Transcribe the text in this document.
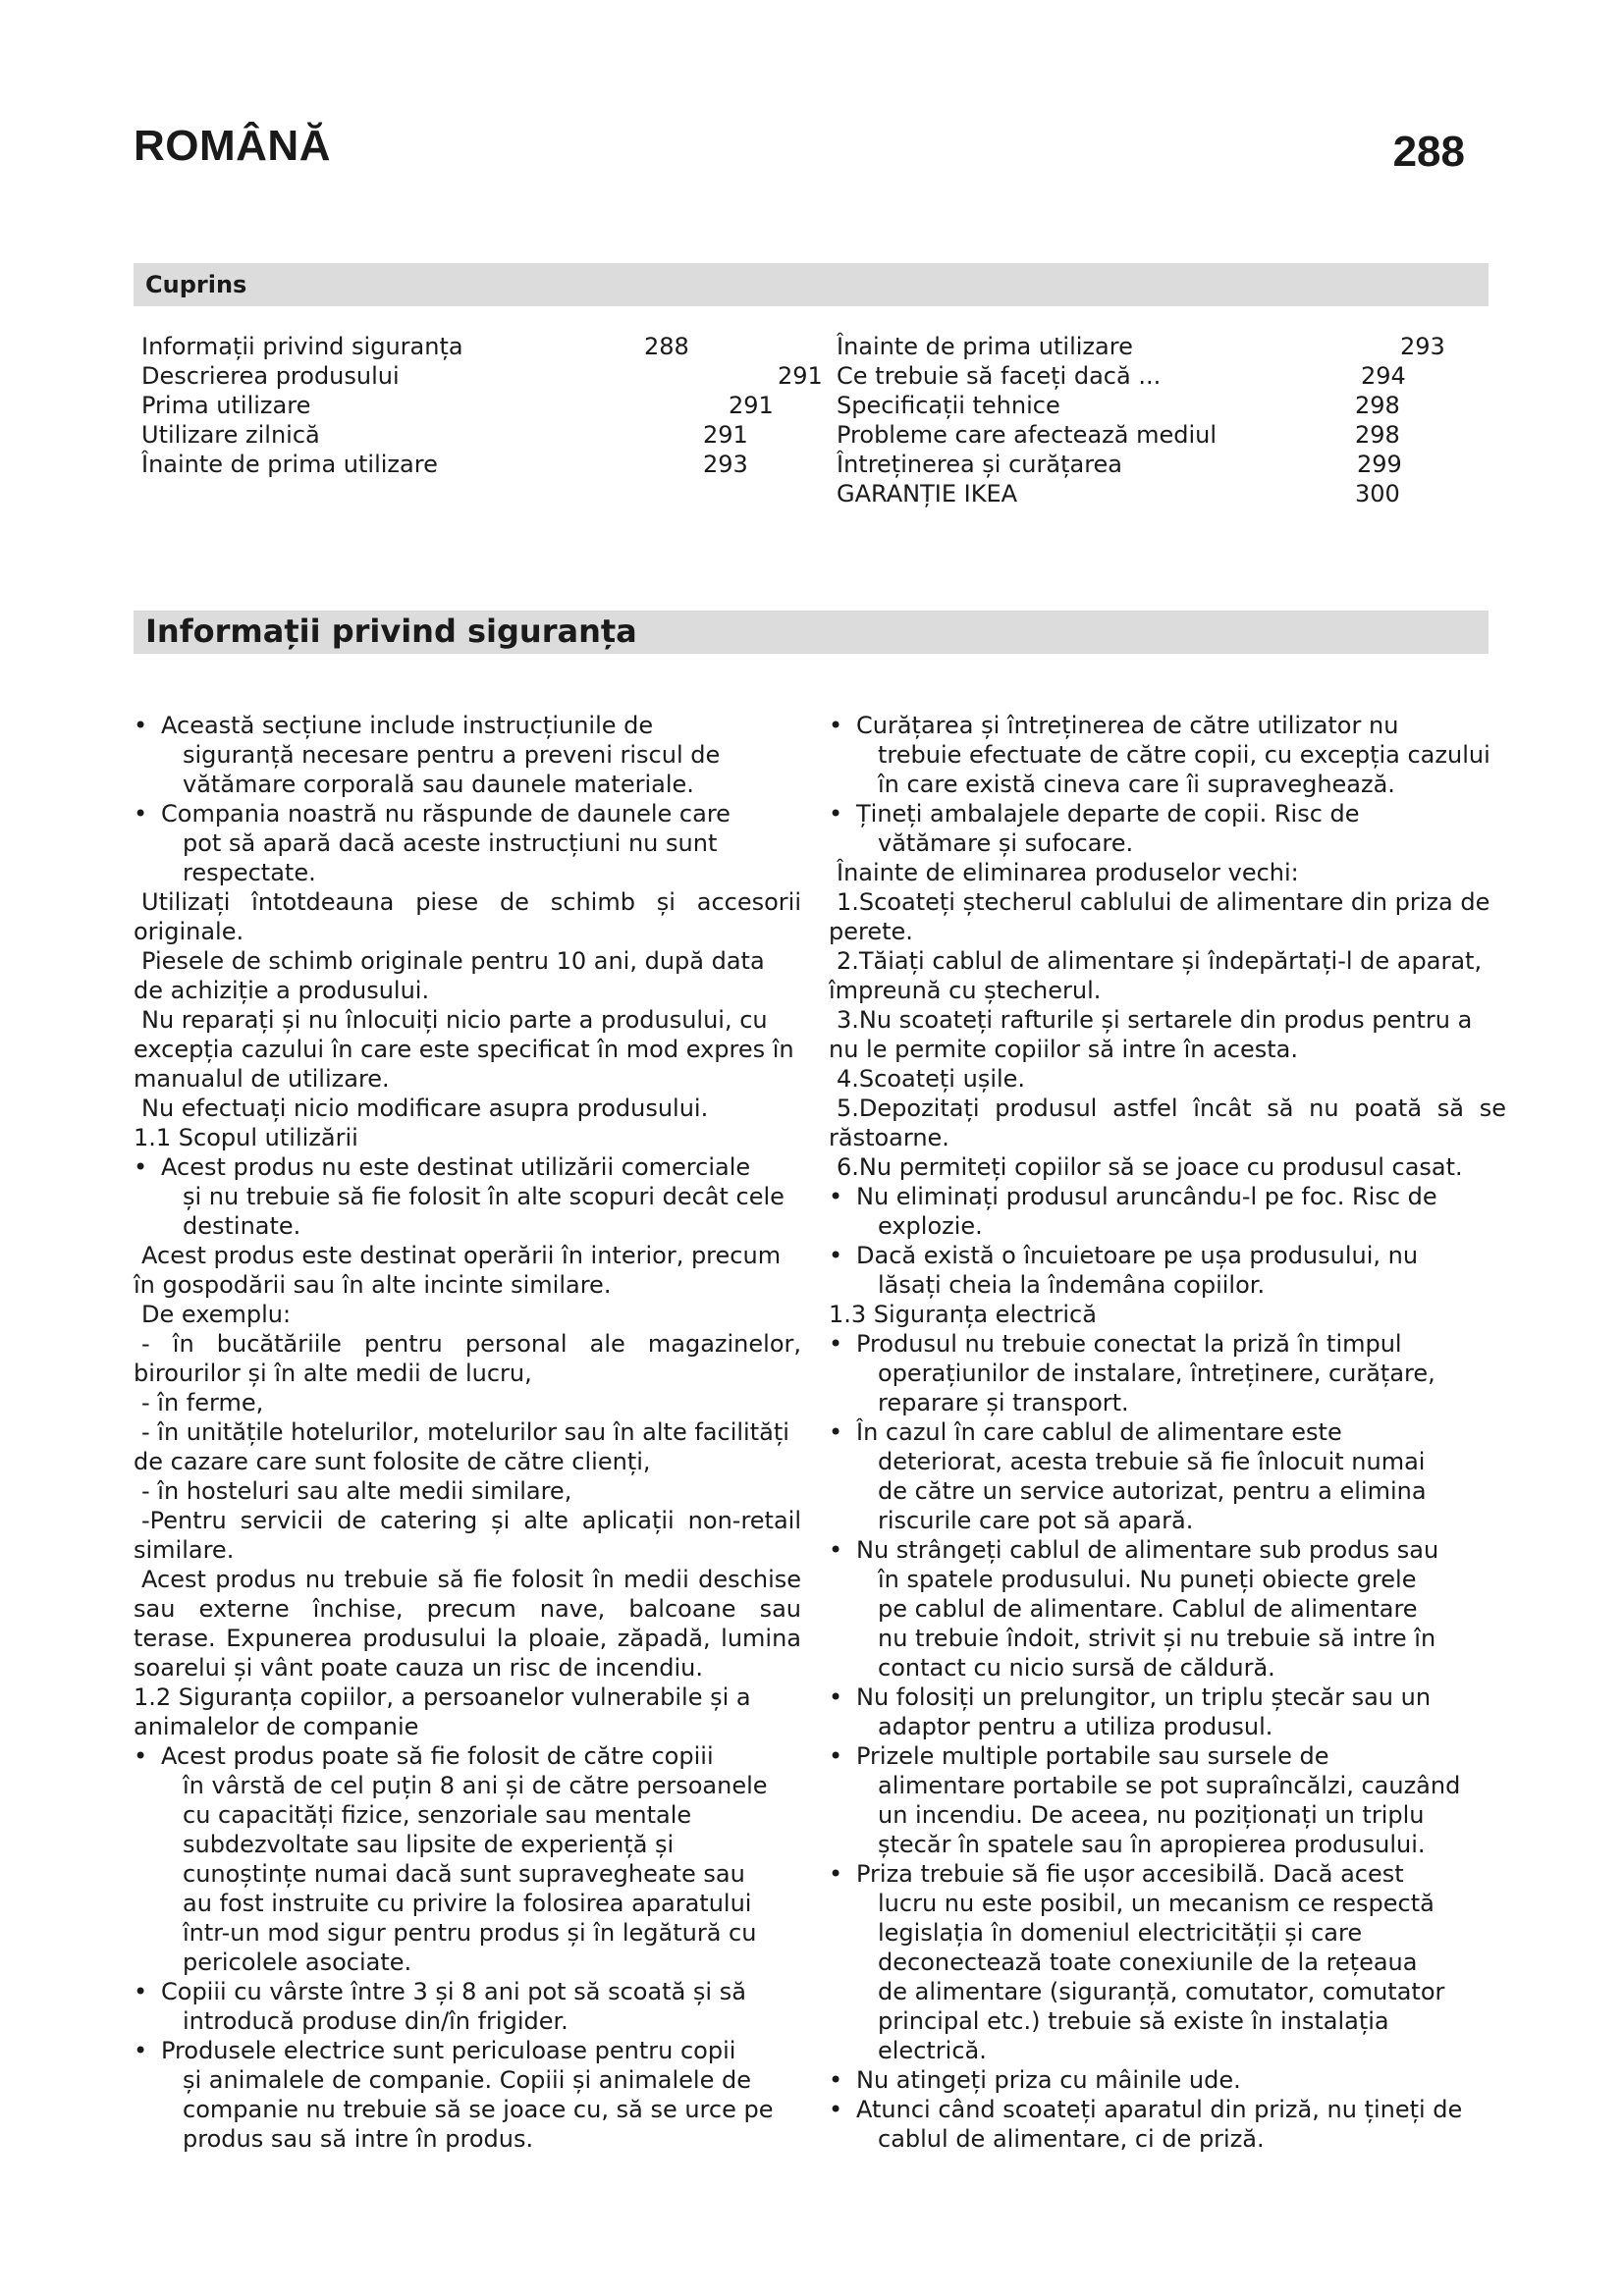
ROMÂNĂ	288
Cuprins
Informații privind siguranța	288
Descrierea produsului	291
Prima utilizare	291
Utilizare zilnică	291
Înainte de prima utilizare	293
Înainte de prima utilizare	293
Ce trebuie să faceți dacă ...	294
Specificații tehnice	298
Probleme care afectează mediul	298
Întreținerea și curățarea	299
GARANȚIE IKEA	300
Informații privind siguranța
• Această secțiune include instrucțiunile de
siguranță necesare pentru a preveni riscul de
vătămare corporală sau daunele materiale.
• Compania noastră nu răspunde de daunele care
pot să apară dacă aceste instrucțiuni nu sunt
respectate.
Utilizați întotdeauna piese de schimb și accesorii
originale.
Piesele de schimb originale pentru 10 ani, după data
de achiziție a produsului.
Nu reparați și nu înlocuiți nicio parte a produsului, cu
excepția cazului în care este specificat în mod expres în
manualul de utilizare.
Nu efectuați nicio modificare asupra produsului.
1.1 Scopul utilizării
• Acest produs nu este destinat utilizării comerciale
și nu trebuie să fie folosit în alte scopuri decât cele
destinate.
Acest produs este destinat operării în interior, precum
în gospodării sau în alte incinte similare.
De exemplu:
- în bucătăriile pentru personal ale magazinelor,
birourilor și în alte medii de lucru,
- în ferme,
- în unitățile hotelurilor, motelurilor sau în alte facilități
de cazare care sunt folosite de către clienți,
- în hosteluri sau alte medii similare,
-Pentru servicii de catering și alte aplicații non-retail
similare.
Acest produs nu trebuie să fie folosit în medii deschise
sau externe închise, precum nave, balcoane sau
terase. Expunerea produsului la ploaie, zăpadă, lumina
soarelui și vânt poate cauza un risc de incendiu.
1.2 Siguranța copiilor, a persoanelor vulnerabile și a
animalelor de companie
• Acest produs poate să fie folosit de către copiii
în vârstă de cel puțin 8 ani și de către persoanele
cu capacități fizice, senzoriale sau mentale
subdezvoltate sau lipsite de experiență și
cunoștințe numai dacă sunt supravegheate sau
au fost instruite cu privire la folosirea aparatului
într-un mod sigur pentru produs și în legătură cu
pericolele asociate.
• Copiii cu vârste între 3 și 8 ani pot să scoată și să
introducă produse din/în frigider.
• Produsele electrice sunt periculoase pentru copii
și animalele de companie. Copiii și animalele de
companie nu trebuie să se joace cu, să se urce pe
produs sau să intre în produs.
• Curățarea și întreținerea de către utilizator nu
trebuie efectuate de către copii, cu excepția cazului
în care există cineva care îi supraveghează.
• Țineți ambalajele departe de copii. Risc de
vătămare și sufocare.
Înainte de eliminarea produselor vechi:
1.Scoateți ștecherul cablului de alimentare din priza de
perete.
2.Tăiați cablul de alimentare și îndepărtați-l de aparat,
împreună cu ștecherul.
3.Nu scoateți rafturile și sertarele din produs pentru a
nu le permite copiilor să intre în acesta.
4.Scoateți ușile.
5.Depozitați produsul astfel încât să nu poată să se
răstoarne.
6.Nu permiteți copiilor să se joace cu produsul casat.
• Nu eliminați produsul aruncându-l pe foc. Risc de
explozie.
• Dacă există o încuietoare pe ușa produsului, nu
lăsați cheia la îndemâna copiilor.
1.3 Siguranța electrică
• Produsul nu trebuie conectat la priză în timpul
operațiunilor de instalare, întreținere, curățare,
reparare și transport.
• În cazul în care cablul de alimentare este
deteriorat, acesta trebuie să fie înlocuit numai
de către un service autorizat, pentru a elimina
riscurile care pot să apară.
• Nu strângeți cablul de alimentare sub produs sau
în spatele produsului. Nu puneți obiecte grele
pe cablul de alimentare. Cablul de alimentare
nu trebuie îndoit, strivit și nu trebuie să intre în
contact cu nicio sursă de căldură.
• Nu folosiți un prelungitor, un triplu ștecăr sau un
adaptor pentru a utiliza produsul.
• Prizele multiple portabile sau sursele de
alimentare portabile se pot supraîncălzi, cauzând
un incendiu. De aceea, nu poziționați un triplu
ștecăr în spatele sau în apropierea produsului.
• Priza trebuie să fie ușor accesibilă. Dacă acest
lucru nu este posibil, un mecanism ce respectă
legislația în domeniul electricității și care
deconectează toate conexiunile de la rețeaua
de alimentare (siguranță, comutator, comutator
principal etc.) trebuie să existe în instalația
electrică.
• Nu atingeți priza cu mâinile ude.
• Atunci când scoateți aparatul din priză, nu țineți de
cablul de alimentare, ci de priză.
